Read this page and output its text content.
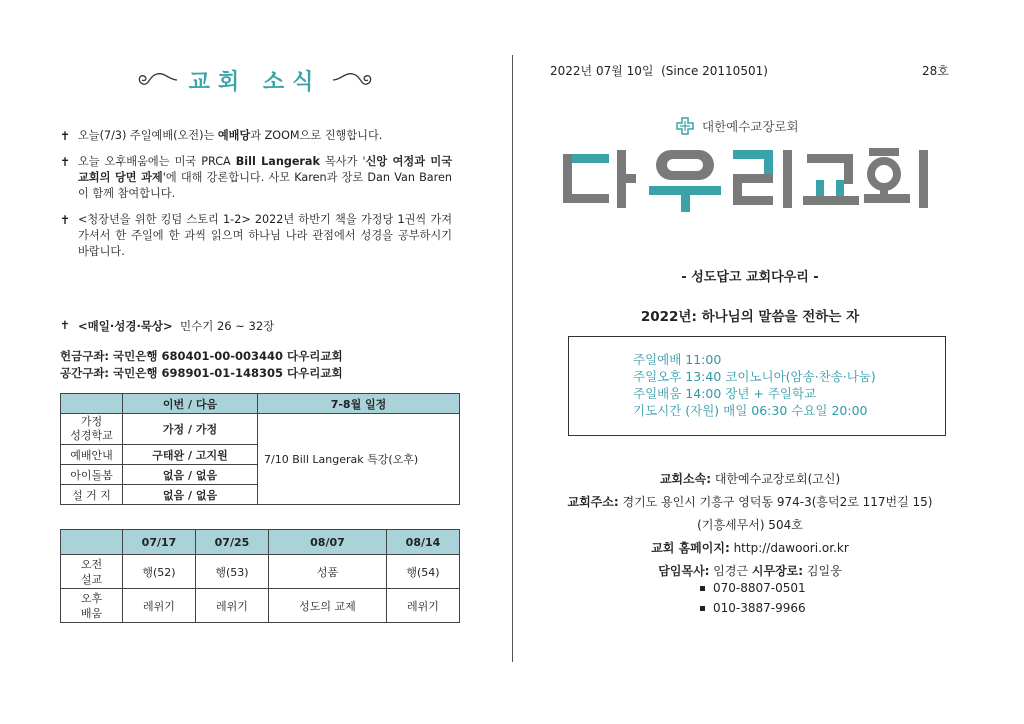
교회 소식
✝ 오늘(7/3) 주일예배(오전)는 예배당과 ZOOM으로 진행합니다.
✝ 오늘 오후배움에는 미국 PRCA Bill Langerak 목사가 '신앙 여정과 미국 교회의 당면 과제'에 대해 강론합니다. 사모 Karen과 장로 Dan Van Baren이 함께 참여합니다.
✝ <청장년을 위한 킹덤 스토리 1-2> 2022년 하반기 책을 가정당 1권씩 가져가셔서 한 주일에 한 과씩 읽으며 하나님 나라 관점에서 성경을 공부하시기 바랍니다.
✝ <매일·성경·묵상>
민수기 26 ~ 32장
헌금구좌: 국민은행 680401-00-003440 다우리교회
공간구좌: 국민은행 698901-01-148305 다우리교회
	이번 / 다음	7-8월 일정
가정
성경학교	가정 / 가정	7/10 Bill Langerak 특강(오후)
예배안내	구태완 / 고지원	
아이돌봄	없음 / 없음	
설 거 지	없음 / 없음	
	07/17	07/25	08/07	08/14
오전
설교	행(52)	행(53)	성품	행(54)
오후
배움	레위기	레위기	성도의 교제	레위기
2022년 07월 10일  (Since 20110501)	28호
대한예수교장로회
- 성도답고 교회다우리 -
2022년: 하나님의 말씀을 전하는 자
주일예배 11:00
주일오후 13:40 코이노니아(암송·찬송·나눔)
주일배움 14:00 장년 + 주일학교
기도시간 (자원) 매일 06:30 수요일 20:00
교회소속: 대한예수교장로회(고신)
교회주소: 경기도 용인시 기흥구 영덕동 974-3(흥덕2로 117번길 15)
(기흥세무서) 504호
교회 홈페이지: http://dawoori.or.kr
담임목사: 임경근 시무장로: 김일웅
070-8807-0501
010-3887-9966
